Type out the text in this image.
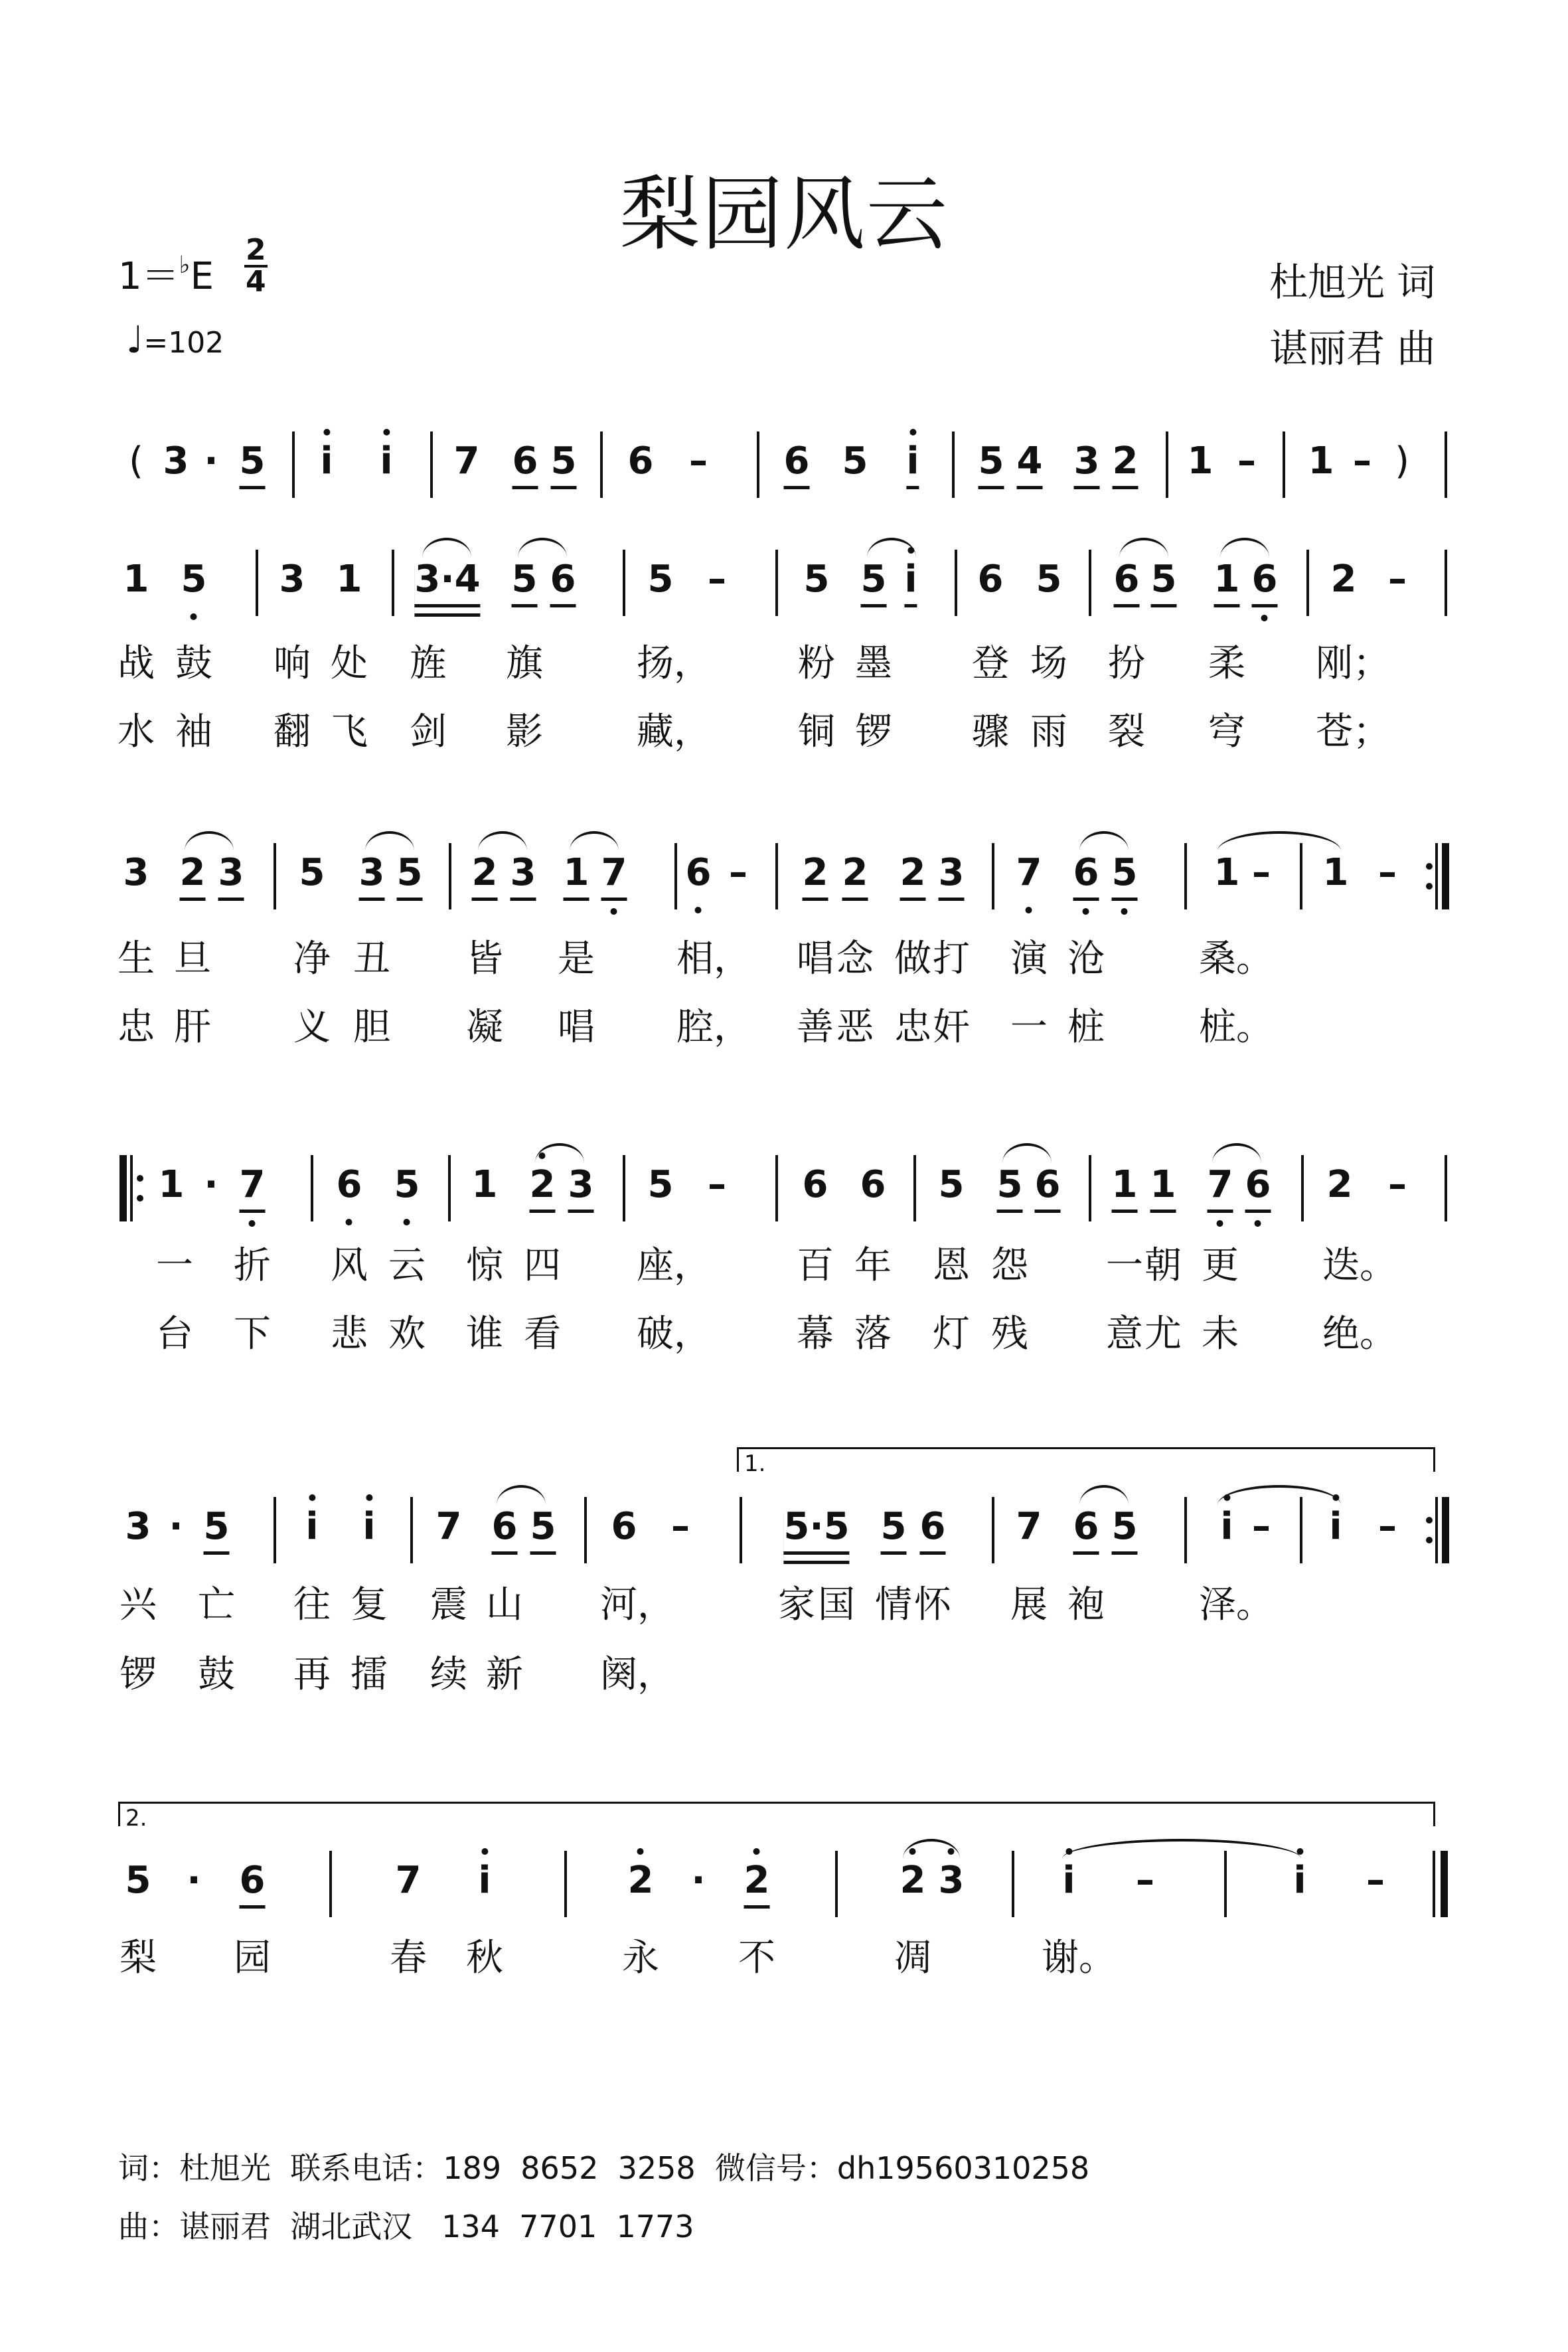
梨园风云
1＝♭E
2
4
♩=102
杜旭光 词
谌丽君 曲
( 3 · 5 i i 7 6 5 6 – 6 5 i 5 4 3 2 1 – 1 – )
1 5 3 1 3·4 5 6 5 – 5 5 i 6 5 6 5 1 6 2 –
战 鼓 响 处 旌 旗	扬， 粉 墨 登 场 扮 柔 刚；
水 袖 翻 飞 剑 影	藏， 铜 锣 骤 雨 裂 穹 苍；
3 2 3 5 3 5 2 3 1 7 6 – 2 2 2 3 7 6 5 1 – 1 –
生 旦 净 丑 皆 是 相， 唱 念 做 打 演 沧	桑。
忠 肝 义 胆 凝 唱 腔， 善 恶 忠 奸 一 桩	桩。
1 · 7 6 5 1 2 3 5 – 6 6 5 5 6 1 1 7 6 2 –
一 折 风 云 惊 四 座， 百 年 恩 怨 一 朝 更 迭。
台 下 悲 欢 谁 看 破， 幕 落 灯 残 意 尤 未 绝。
1.
3 · 5 i i 7 6 5 6 –	5·5 5 6 7 6 5 i – i –
兴 亡 往 复 震 山 河，	家 国 情 怀 展 袍	泽。
锣 鼓 再 擂 续 新 阕，
2.
5 · 6	7 i	2 · 2	2 3	i –	i –
梨 园	春 秋	永 不	凋	谢。
词：杜旭光  联系电话：189  8652  3258  微信号：dh19560310258
曲：谌丽君  湖北武汉   134  7701  1773
